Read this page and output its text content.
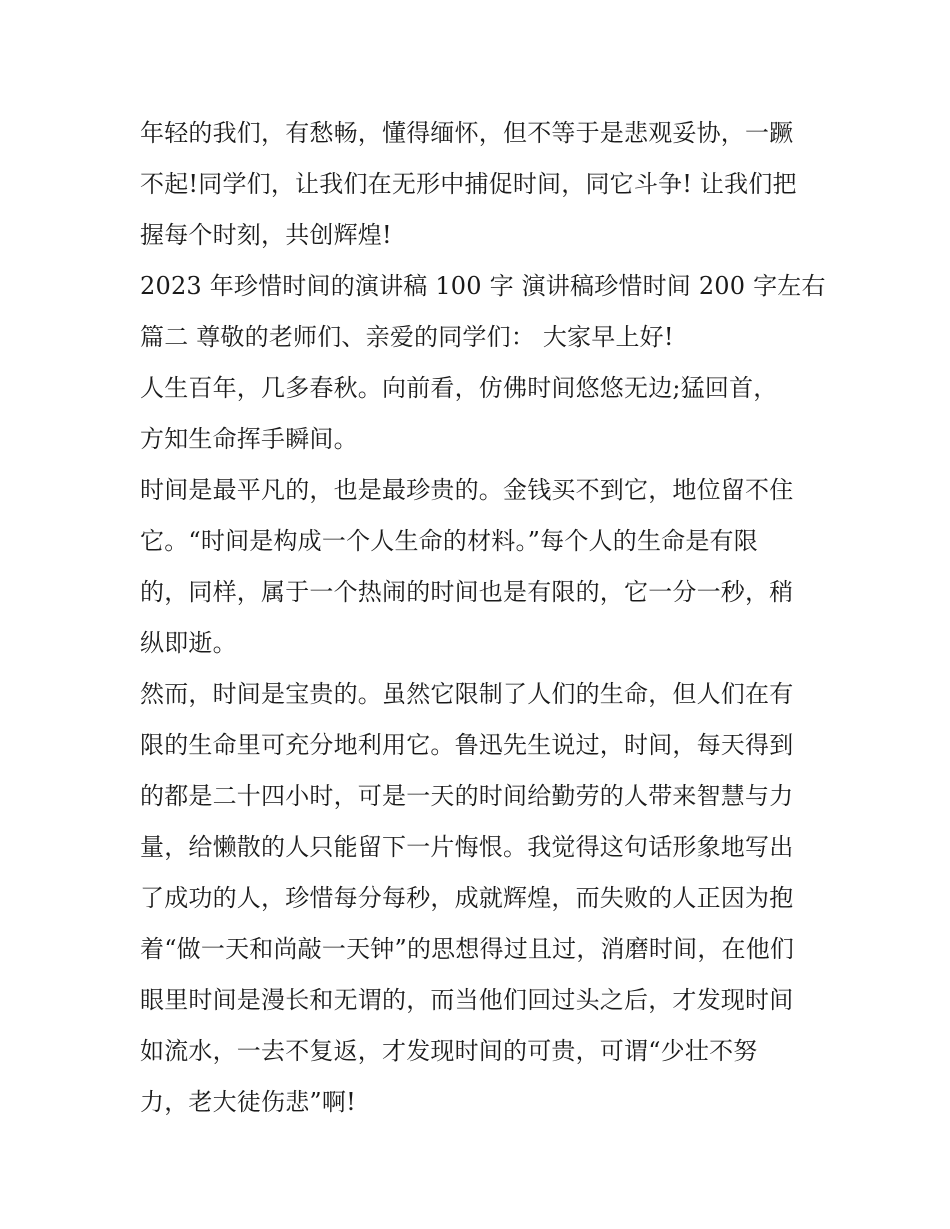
年轻的我们，有愁畅，懂得缅怀，但不等于是悲观妥协，一蹶
不起!同学们，让我们在无形中捕促时间，同它斗争! 让我们把
握每个时刻，共创辉煌!
2023 年珍惜时间的演讲稿 100 字 演讲稿珍惜时间 200 字左右
篇二 尊敬的老师们、亲爱的同学们： 大家早上好!
人生百年，几多春秋。向前看，仿佛时间悠悠无边;猛回首，
方知生命挥手瞬间。
时间是最平凡的，也是最珍贵的。金钱买不到它，地位留不住
它。“时间是构成一个人生命的材料。”每个人的生命是有限
的，同样，属于一个热闹的时间也是有限的，它一分一秒，稍
纵即逝。
然而，时间是宝贵的。虽然它限制了人们的生命，但人们在有
限的生命里可充分地利用它。鲁迅先生说过，时间，每天得到
的都是二十四小时，可是一天的时间给勤劳的人带来智慧与力
量，给懒散的人只能留下一片悔恨。我觉得这句话形象地写出
了成功的人，珍惜每分每秒，成就辉煌，而失败的人正因为抱
着“做一天和尚敲一天钟”的思想得过且过，消磨时间，在他们
眼里时间是漫长和无谓的，而当他们回过头之后，才发现时间
如流水，一去不复返，才发现时间的可贵，可谓“少壮不努
力，老大徒伤悲”啊!
